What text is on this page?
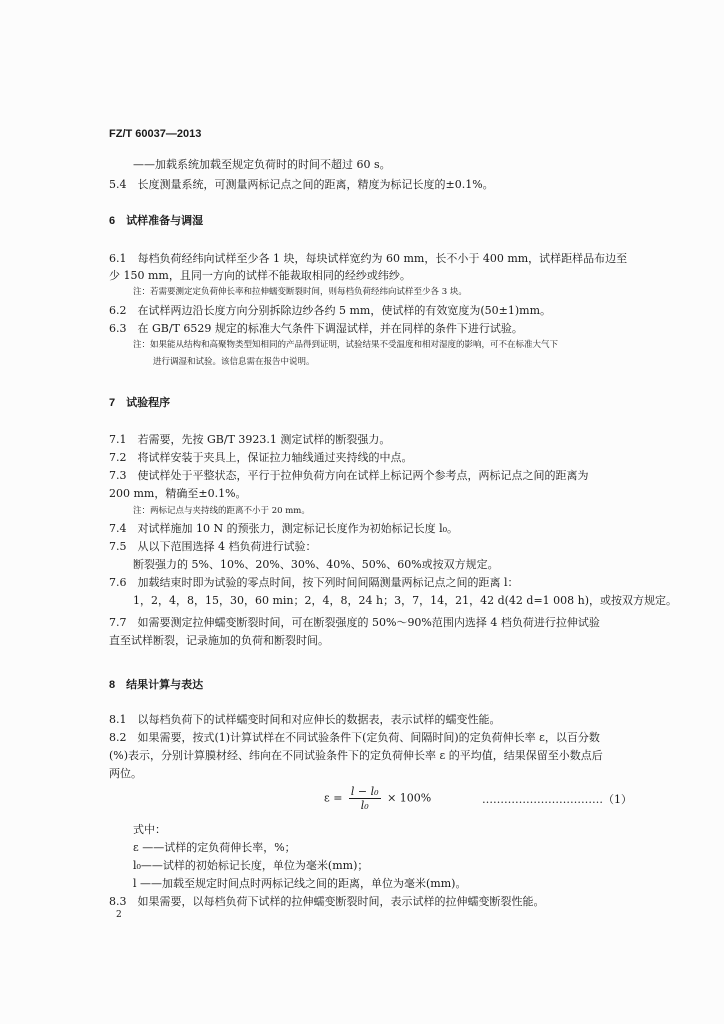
FZ/T 60037—2013
——加载系统加载至规定负荷时的时间不超过 60 s。
5.4　长度测量系统，可测量两标记点之间的距离，精度为标记长度的±0.1%。
6　试样准备与调湿
6.1　每档负荷经纬向试样至少各 1 块，每块试样宽约为 60 mm，长不小于 400 mm，试样距样品布边至
少 150 mm，且同一方向的试样不能裁取相同的经纱或纬纱。
注：若需要测定定负荷伸长率和拉伸蠕变断裂时间，则每档负荷经纬向试样至少各 3 块。
6.2　在试样两边沿长度方向分别拆除边纱各约 5 mm，使试样的有效宽度为(50±1)mm。
6.3　在 GB/T 6529 规定的标准大气条件下调湿试样，并在同样的条件下进行试验。
注：如果能从结构和高聚物类型知相同的产品得到证明，试验结果不受温度和相对湿度的影响，可不在标准大气下
进行调湿和试验。该信息需在报告中说明。
7　试验程序
7.1　若需要，先按 GB/T 3923.1 测定试样的断裂强力。
7.2　将试样安装于夹具上，保证拉力轴线通过夹持线的中点。
7.3　使试样处于平整状态，平行于拉伸负荷方向在试样上标记两个参考点，两标记点之间的距离为
200 mm，精确至±0.1%。
注：两标记点与夹持线的距离不小于 20 mm。
7.4　对试样施加 10 N 的预张力，测定标记长度作为初始标记长度 l₀。
7.5　从以下范围选择 4 档负荷进行试验：
断裂强力的 5%、10%、20%、30%、40%、50%、60%或按双方规定。
7.6　加载结束时即为试验的零点时间，按下列时间间隔测量两标记点之间的距离 l：
1，2，4，8，15，30，60 min；2，4，8，24 h；3，7，14，21，42 d(42 d=1 008 h)，或按双方规定。
7.7　如需要测定拉伸蠕变断裂时间，可在断裂强度的 50%～90%范围内选择 4 档负荷进行拉伸试验
直至试样断裂，记录施加的负荷和断裂时间。
8　结果计算与表达
8.1　以每档负荷下的试样蠕变时间和对应伸长的数据表，表示试样的蠕变性能。
8.2　如果需要，按式(1)计算试样在不同试验条件下(定负荷、间隔时间)的定负荷伸长率 ε，以百分数
(%)表示，分别计算膜材经、纬向在不同试验条件下的定负荷伸长率 ε 的平均值，结果保留至小数点后
两位。
$\varepsilon = \frac{\text{l − l₀}}{\text{l₀}} \times 100\%$	……………………………（1）
式中：
ε ——试样的定负荷伸长率，%；
l₀——试样的初始标记长度，单位为毫米(mm)；
l ——加载至规定时间点时两标记线之间的距离，单位为毫米(mm)。
8.3　如果需要，以每档负荷下试样的拉伸蠕变断裂时间，表示试样的拉伸蠕变断裂性能。
2
